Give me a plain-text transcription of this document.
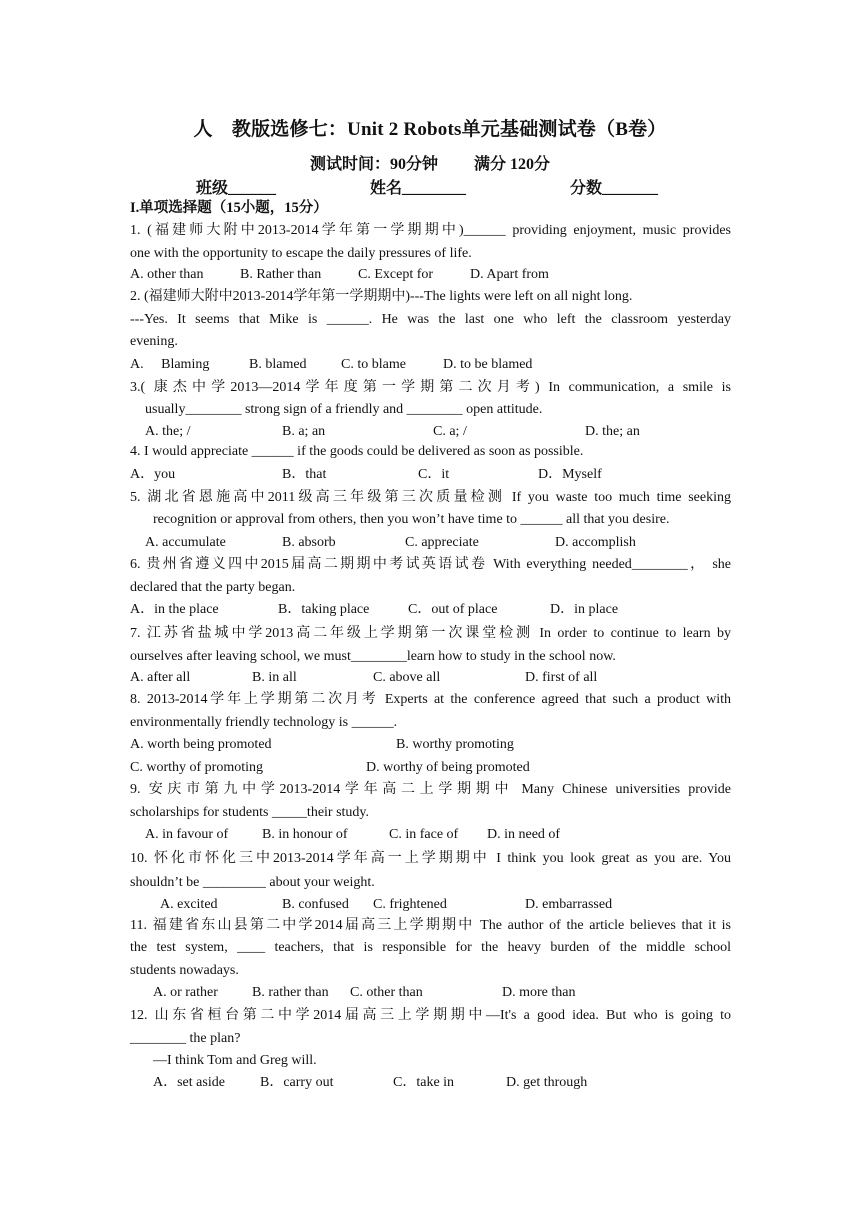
人　教版选修七：Unit 2 Robots单元基础测试卷（B卷）
测试时间：90分钟　　 满分 120分
班级______	姓名________	分数_______
I.单项选择题（15小题，15分）
1. (福建师大附中2013-2014学年第一学期期中)______ providing enjoyment, music provides
one with the opportunity to escape the daily pressures of life.
A. other than	B. Rather than	C. Except for	D. Apart from
2. (福建师大附中2013-2014学年第一学期期中)---The lights were left on all night long.
---Yes. It seems that Mike is ______. He was the last one who left the classroom yesterday
evening.
A.　 Blaming	B. blamed C. to blame	D. to be blamed
3.( 康杰中学2013—2014学年度第一学期第二次月考) In communication, a smile is
usually________ strong sign of a friendly and ________ open attitude.
A. the; /	B. a; an	C. a; /	D. the; an
4. I would appreciate ______ if the goods could be delivered as soon as possible.
A．you	B．that	C．it	D．Myself
5. 湖北省恩施高中2011级高三年级第三次质量检测 If you waste too much time seeking
recognition or approval from others, then you won’t have time to ______ all that you desire.
A. accumulate	B. absorb	C. appreciate	D. accomplish
6. 贵州省遵义四中2015届高二期期中考试英语试卷 With everything needed________， she
declared that the party began.
A．in the place	B．taking place	C．out of place	D．in place
7. 江苏省盐城中学2013高二年级上学期第一次课堂检测 In order to continue to learn by
ourselves after leaving school, we must________learn how to study in the school now.
A. after all	B. in all	C. above all	D. first of all
8. 2013-2014学年上学期第二次月考 Experts at the conference agreed that such a product with
environmentally friendly technology is ______.
A. worth being promoted	B. worthy promoting
C. worthy of promoting	D. worthy of being promoted
9. 安庆市第九中学2013-2014学年高二上学期期中 Many Chinese universities provide
scholarships for students _____their study.
A. in favour of B. in honour of	C. in face of D. in need of
10. 怀化市怀化三中2013-2014学年高一上学期期中 I think you look great as you are. You
shouldn’t be _________ about your weight.
A. excited	B. confused C. frightened	D. embarrassed
11. 福建省东山县第二中学2014届高三上学期期中 The author of the article believes that it is
the test system, ____ teachers, that is responsible for the heavy burden of the middle school
students nowadays.
A. or rather B. rather than C. other than	D. more than
12. 山东省桓台第二中学2014届高三上学期期中—It's a good idea. But who is going to
________ the plan?
—I think Tom and Greg will.
A．set aside	B．carry out	C．take in	D. get through
